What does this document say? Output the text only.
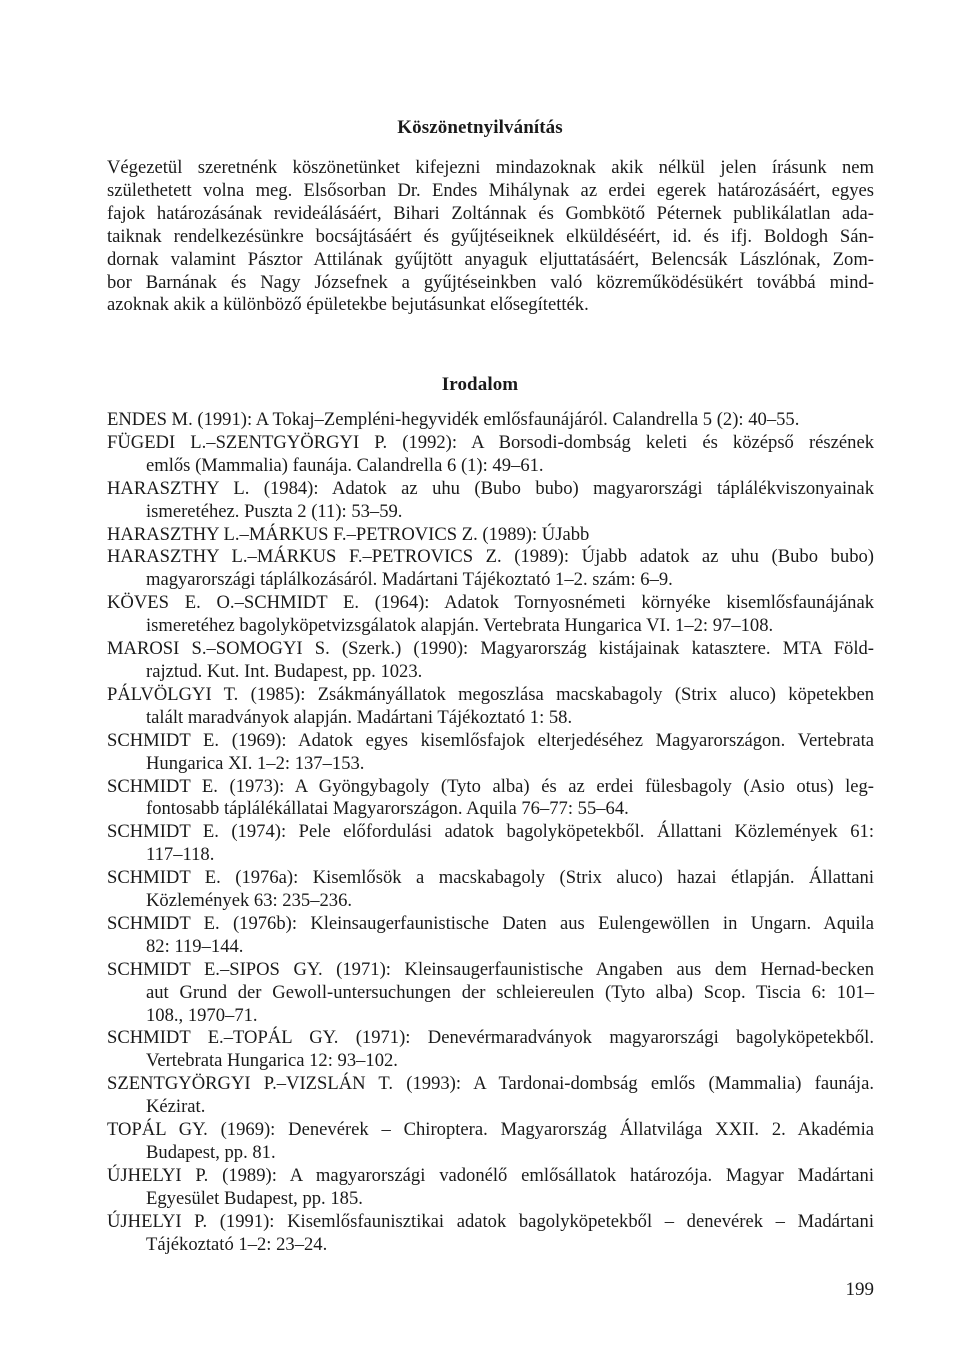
Köszönetnyilvánítás

Végezetül szeretnénk köszönetünket kifejezni mindazoknak akik nélkül jelen írásunk nem
születhetett volna meg. Elsősorban Dr. Endes Mihálynak az erdei egerek határozásáért, egyes
fajok határozásának revideálásáért, Bihari Zoltánnak és Gombkötő Péternek publikálatlan ada-
taiknak rendelkezésünkre bocsájtásáért és gyűjtéseiknek elküldéséért, id. és ifj. Boldogh Sán-
dornak valamint Pásztor Attilának gyűjtött anyaguk eljuttatásáért, Belencsák Lászlónak, Zom-
bor Barnának és Nagy Józsefnek a gyűjtéseinkben való közreműködésükért továbbá mind-
azoknak akik a különböző épületekbe bejutásunkat elősegítették.

Irodalom
ENDES M. (1991): A Tokaj–Zempléni-hegyvidék emlősfaunájáról. Calandrella 5 (2): 40–55.
FÜGEDI L.–SZENTGYÖRGYI P. (1992): A Borsodi-dombság keleti és középső részének
emlős (Mammalia) faunája. Calandrella 6 (1): 49–61.
HARASZTHY L. (1984): Adatok az uhu (Bubo bubo) magyarországi táplálékviszonyainak
ismeretéhez. Puszta 2 (11): 53–59.
HARASZTHY L.–MÁRKUS F.–PETROVICS Z. (1989): ÚJabb
HARASZTHY L.–MÁRKUS F.–PETROVICS Z. (1989): Újabb adatok az uhu (Bubo bubo)
magyarországi táplálkozásáról. Madártani Tájékoztató 1–2. szám: 6–9.
KÖVES E. O.–SCHMIDT E. (1964): Adatok Tornyosnémeti környéke kisemlősfaunájának
ismeretéhez bagolyköpetvizsgálatok alapján. Vertebrata Hungarica VI. 1–2: 97–108.
MAROSI S.–SOMOGYI S. (Szerk.) (1990): Magyarország kistájainak katasztere. MTA Föld-
rajztud. Kut. Int. Budapest, pp. 1023.
PÁLVÖLGYI T. (1985): Zsákmányállatok megoszlása macskabagoly (Strix aluco) köpetekben
talált maradványok alapján. Madártani Tájékoztató 1: 58.
SCHMIDT E. (1969): Adatok egyes kisemlősfajok elterjedéséhez Magyarországon. Vertebrata
Hungarica XI. 1–2: 137–153.
SCHMIDT E. (1973): A Gyöngybagoly (Tyto alba) és az erdei fülesbagoly (Asio otus) leg-
fontosabb táplálékállatai Magyarországon. Aquila 76–77: 55–64.
SCHMIDT E. (1974): Pele előfordulási adatok bagolyköpetekből. Állattani Közlemények 61:
117–118.
SCHMIDT E. (1976a): Kisemlősök a macskabagoly (Strix aluco) hazai étlapján. Állattani
Közlemények 63: 235–236.
SCHMIDT E. (1976b): Kleinsaugerfaunistische Daten aus Eulengewöllen in Ungarn. Aquila
82: 119–144.
SCHMIDT E.–SIPOS GY. (1971): Kleinsaugerfaunistische Angaben aus dem Hernad-becken
aut Grund der Gewoll-untersuchungen der schleiereulen (Tyto alba) Scop. Tiscia 6: 101–
108., 1970–71.
SCHMIDT E.–TOPÁL GY. (1971): Denevérmaradványok magyarországi bagolyköpetekből.
Vertebrata Hungarica 12: 93–102.
SZENTGYÖRGYI P.–VIZSLÁN T. (1993): A Tardonai-dombság emlős (Mammalia) faunája.
Kézirat.
TOPÁL GY. (1969): Denevérek – Chiroptera. Magyarország Állatvilága XXII. 2. Akadémia
Budapest, pp. 81.
ÚJHELYI P. (1989): A magyarországi vadonélő emlősállatok határozója. Magyar Madártani
Egyesület Budapest, pp. 185.
ÚJHELYI P. (1991): Kisemlősfaunisztikai adatok bagolyköpetekből – denevérek – Madártani
Tájékoztató 1–2: 23–24.
199
